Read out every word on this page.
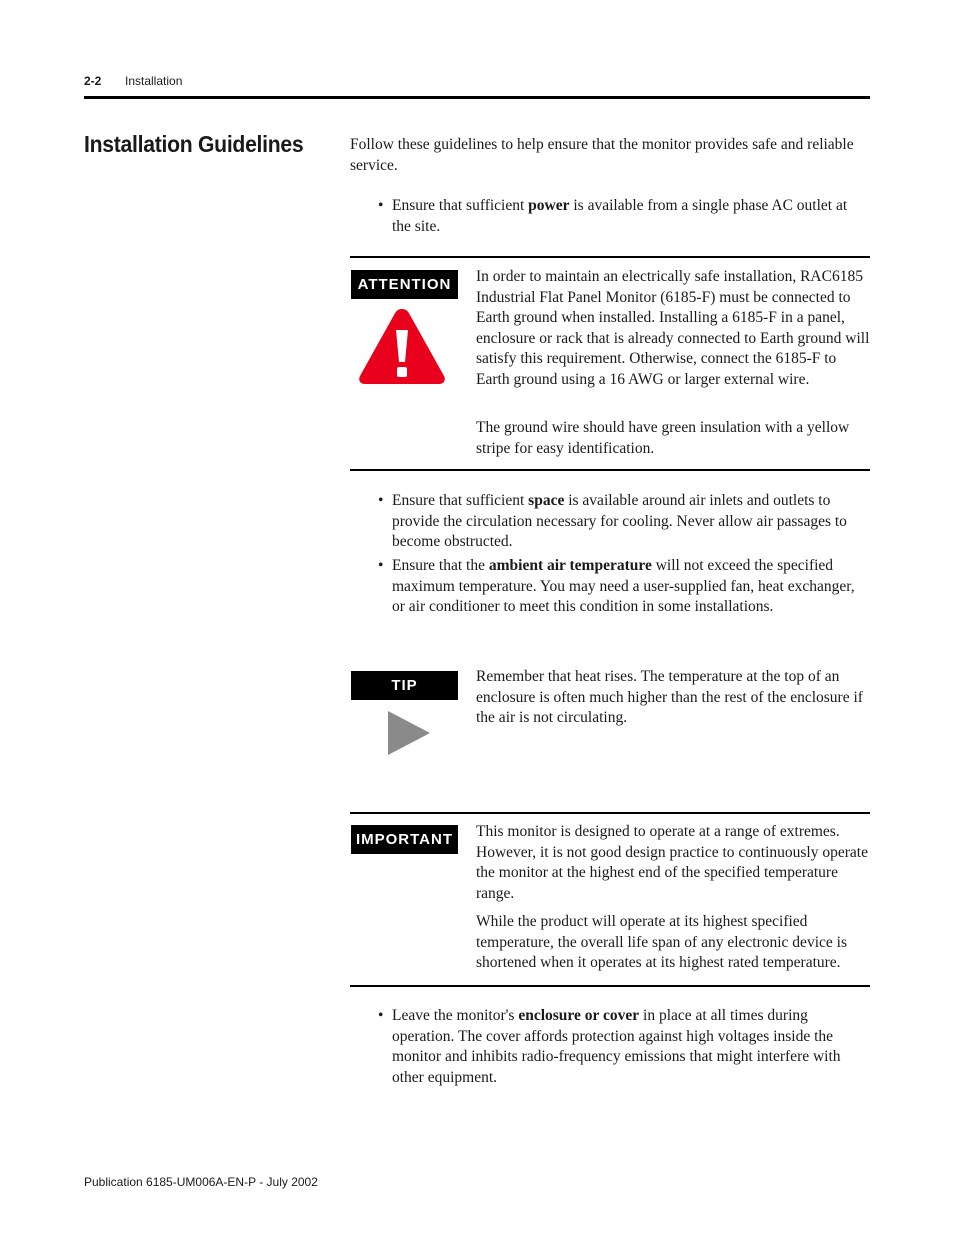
2-2 Installation
Installation Guidelines	Follow these guidelines to help ensure that the monitor provides safe and reliable service.

• Ensure that sufficient power is available from a single phase AC outlet at the site.

ATTENTION	In order to maintain an electrically safe installation, RAC6185 Industrial Flat Panel Monitor (6185-F) must be connected to Earth ground when installed. Installing a 6185-F in a panel, enclosure or rack that is already connected to Earth ground will satisfy this requirement. Otherwise, connect the 6185-F to Earth ground using a 16 AWG or larger external wire.

The ground wire should have green insulation with a yellow stripe for easy identification.

• Ensure that sufficient space is available around air inlets and outlets to provide the circulation necessary for cooling. Never allow air passages to become obstructed.

• Ensure that the ambient air temperature will not exceed the specified maximum temperature. You may need a user-supplied fan, heat exchanger, or air conditioner to meet this condition in some installations.

TIP

Remember that heat rises. The temperature at the top of an enclosure is often much higher than the rest of the enclosure if the air is not circulating.

IMPORTANT	This monitor is designed to operate at a range of extremes. However, it is not good design practice to continuously operate the monitor at the highest end of the specified temperature range.

While the product will operate at its highest specified temperature, the overall life span of any electronic device is shortened when it operates at its highest rated temperature.

• Leave the monitor's enclosure or cover in place at all times during operation. The cover affords protection against high voltages inside the monitor and inhibits radio-frequency emissions that might interfere with other equipment.

Publication 6185-UM006A-EN-P - July 2002
